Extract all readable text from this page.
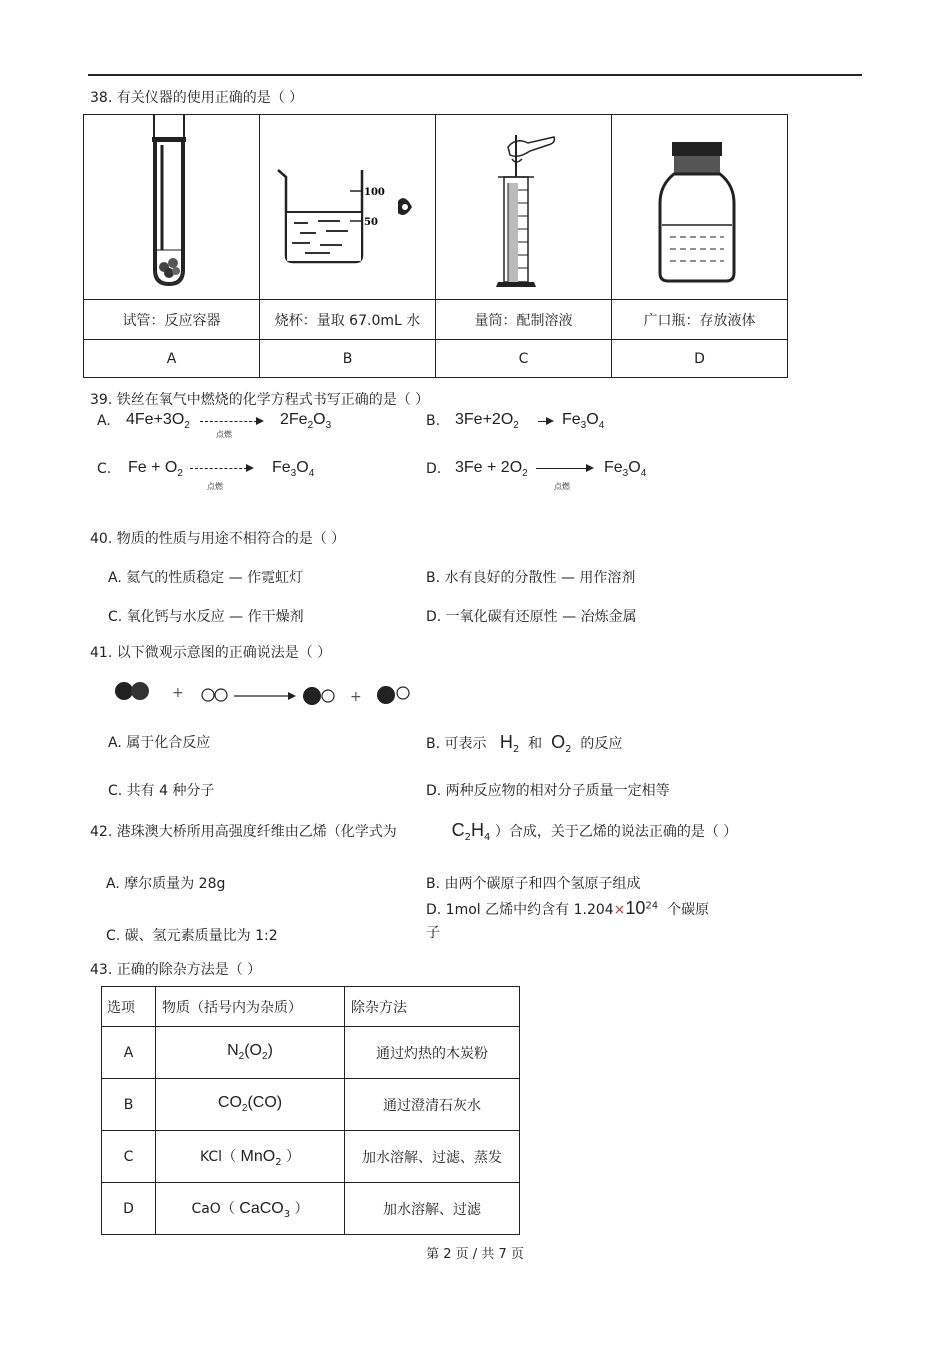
38. 有关仪器的使用正确的是（ ）

100
50

试管：反应容器	烧杯：量取 67.0mL 水	量筒：配制溶液	广口瓶：存放液体
A	B	C	D
39. 铁丝在氧气中燃烧的化学方程式书写正确的是（ ）
A. $4Fe+3O_2$
点燃
$2Fe_2O_3$	B. $3Fe+2O_2$	$Fe_3O_4$
C. $Fe + O_2$
点燃
$Fe_3O_4$	D. $3Fe + 2O_2$
点燃
$Fe_3O_4$
40. 物质的性质与用途不相符合的是（ ）
A. 氦气的性质稳定 — 作霓虹灯	B. 水有良好的分散性 — 用作溶剂
C. 氧化钙与水反应 — 作干燥剂	D. 一氧化碳有还原性 — 冶炼金属
41. 以下微观示意图的正确说法是（ ）
+	+
A. 属于化合反应	B. 可表示 $H_2$ 和 $O_2$ 的反应
C. 共有 4 种分子	D. 两种反应物的相对分子质量一定相等
42. 港珠澳大桥所用高强度纤维由乙烯（化学式为	$C_2H_4$ ）合成，关于乙烯的说法正确的是（ ）
A. 摩尔质量为 28g	B. 由两个碳原子和四个氢原子组成
D. 1mol 乙烯中约含有 $1.204\times 10^{24}$ 个碳原
子
C. 碳、氢元素质量比为 1:2
43. 正确的除杂方法是（ ）
选项	物质（括号内为杂质）	除杂方法
A	$N_2(O_2)$	通过灼热的木炭粉
B	$CO_2(CO)$	通过澄清石灰水
C	KCl（ MnO$_2$ ）	加水溶解、过滤、蒸发
D	CaO（ CaCO$_3$ ）	加水溶解、过滤
第 2 页 / 共 7 页
